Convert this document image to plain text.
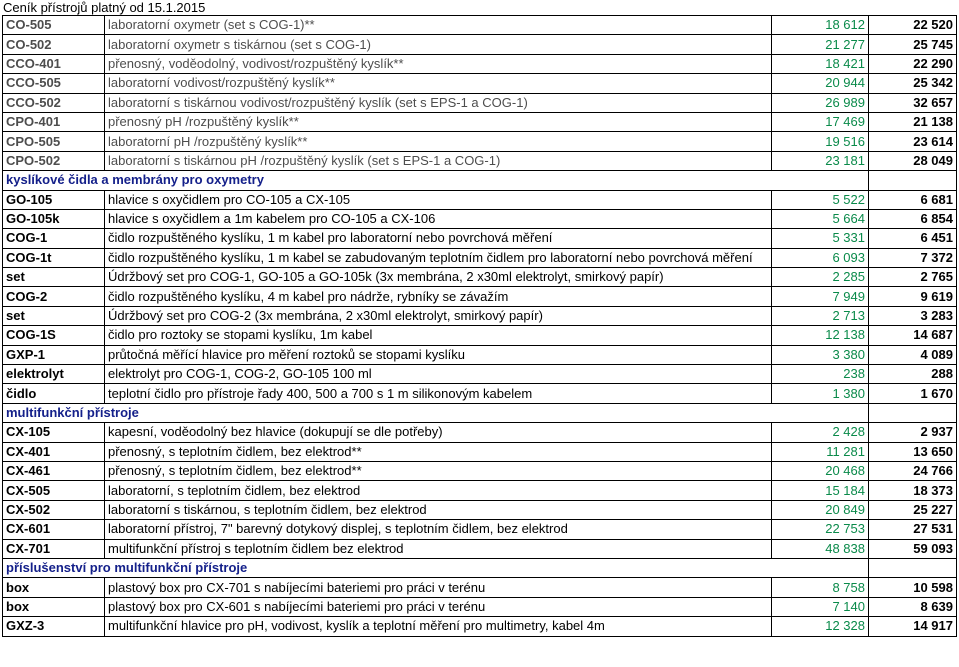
Ceník přístrojů platný od 15.1.2015
CO-505	laboratorní oxymetr (set s COG-1)**	18 612	22 520
CO-502	laboratorní oxymetr s tiskárnou (set s COG-1)	21 277	25 745
CCO-401	přenosný, voděodolný, vodivost/rozpuštěný kyslík**	18 421	22 290
CCO-505	laboratorní vodivost/rozpuštěný kyslík**	20 944	25 342
CCO-502	laboratorní s tiskárnou vodivost/rozpuštěný kyslík (set s EPS-1 a COG-1)	26 989	32 657
CPO-401	přenosný pH /rozpuštěný kyslík**	17 469	21 138
CPO-505	laboratorní pH /rozpuštěný kyslík**	19 516	23 614
CPO-502	laboratorní s tiskárnou pH /rozpuštěný kyslík (set s EPS-1 a COG-1)	23 181	28 049
kyslíkové čidla a membrány pro oxymetry			
GO-105	hlavice s oxyčidlem pro CO-105 a CX-105	5 522	6 681
GO-105k	hlavice s oxyčidlem a 1m kabelem pro CO-105 a CX-106	5 664	6 854
COG-1	čidlo rozpuštěného kyslíku, 1 m kabel pro laboratorní nebo povrchová měření	5 331	6 451
COG-1t	čidlo rozpuštěného kyslíku, 1 m kabel se zabudovaným teplotním čidlem pro laboratorní nebo povrchová měření	6 093	7 372
set	Údržbový set pro COG-1, GO-105 a GO-105k (3x membrána, 2 x30ml elektrolyt, smirkový papír)	2 285	2 765
COG-2	čidlo rozpuštěného kyslíku, 4 m kabel pro nádrže, rybníky se závažím	7 949	9 619
set	Údržbový set pro COG-2 (3x membrána, 2 x30ml elektrolyt, smirkový papír)	2 713	3 283
COG-1S	čidlo pro roztoky se stopami kyslíku, 1m kabel	12 138	14 687
GXP-1	průtočná měřící hlavice pro měření roztoků se stopami kyslíku	3 380	4 089
elektrolyt	elektrolyt pro COG-1, COG-2, GO-105 100 ml	238	288
čidlo	teplotní čidlo pro přístroje řady 400, 500 a 700 s 1 m silikonovým kabelem	1 380	1 670
multifunkční přístroje			
CX-105	kapesní, voděodolný bez hlavice (dokupují se dle potřeby)	2 428	2 937
CX-401	přenosný, s teplotním čidlem, bez elektrod**	11 281	13 650
CX-461	přenosný, s teplotním čidlem, bez elektrod**	20 468	24 766
CX-505	laboratorní, s teplotním čidlem, bez elektrod	15 184	18 373
CX-502	laboratorní s tiskárnou, s teplotním čidlem, bez elektrod	20 849	25 227
CX-601	laboratorní přístroj, 7" barevný dotykový displej, s teplotním čidlem, bez elektrod	22 753	27 531
CX-701	multifunkční přístroj s teplotním čidlem bez elektrod	48 838	59 093
příslušenství pro multifunkční přístroje			
box	plastový box pro CX-701 s nabíjecími bateriemi pro práci v terénu	8 758	10 598
box	plastový box pro CX-601 s nabíjecími bateriemi pro práci v terénu	7 140	8 639
GXZ-3	multifunkční hlavice pro pH, vodivost, kyslík a teplotní měření pro multimetry, kabel 4m	12 328	14 917
